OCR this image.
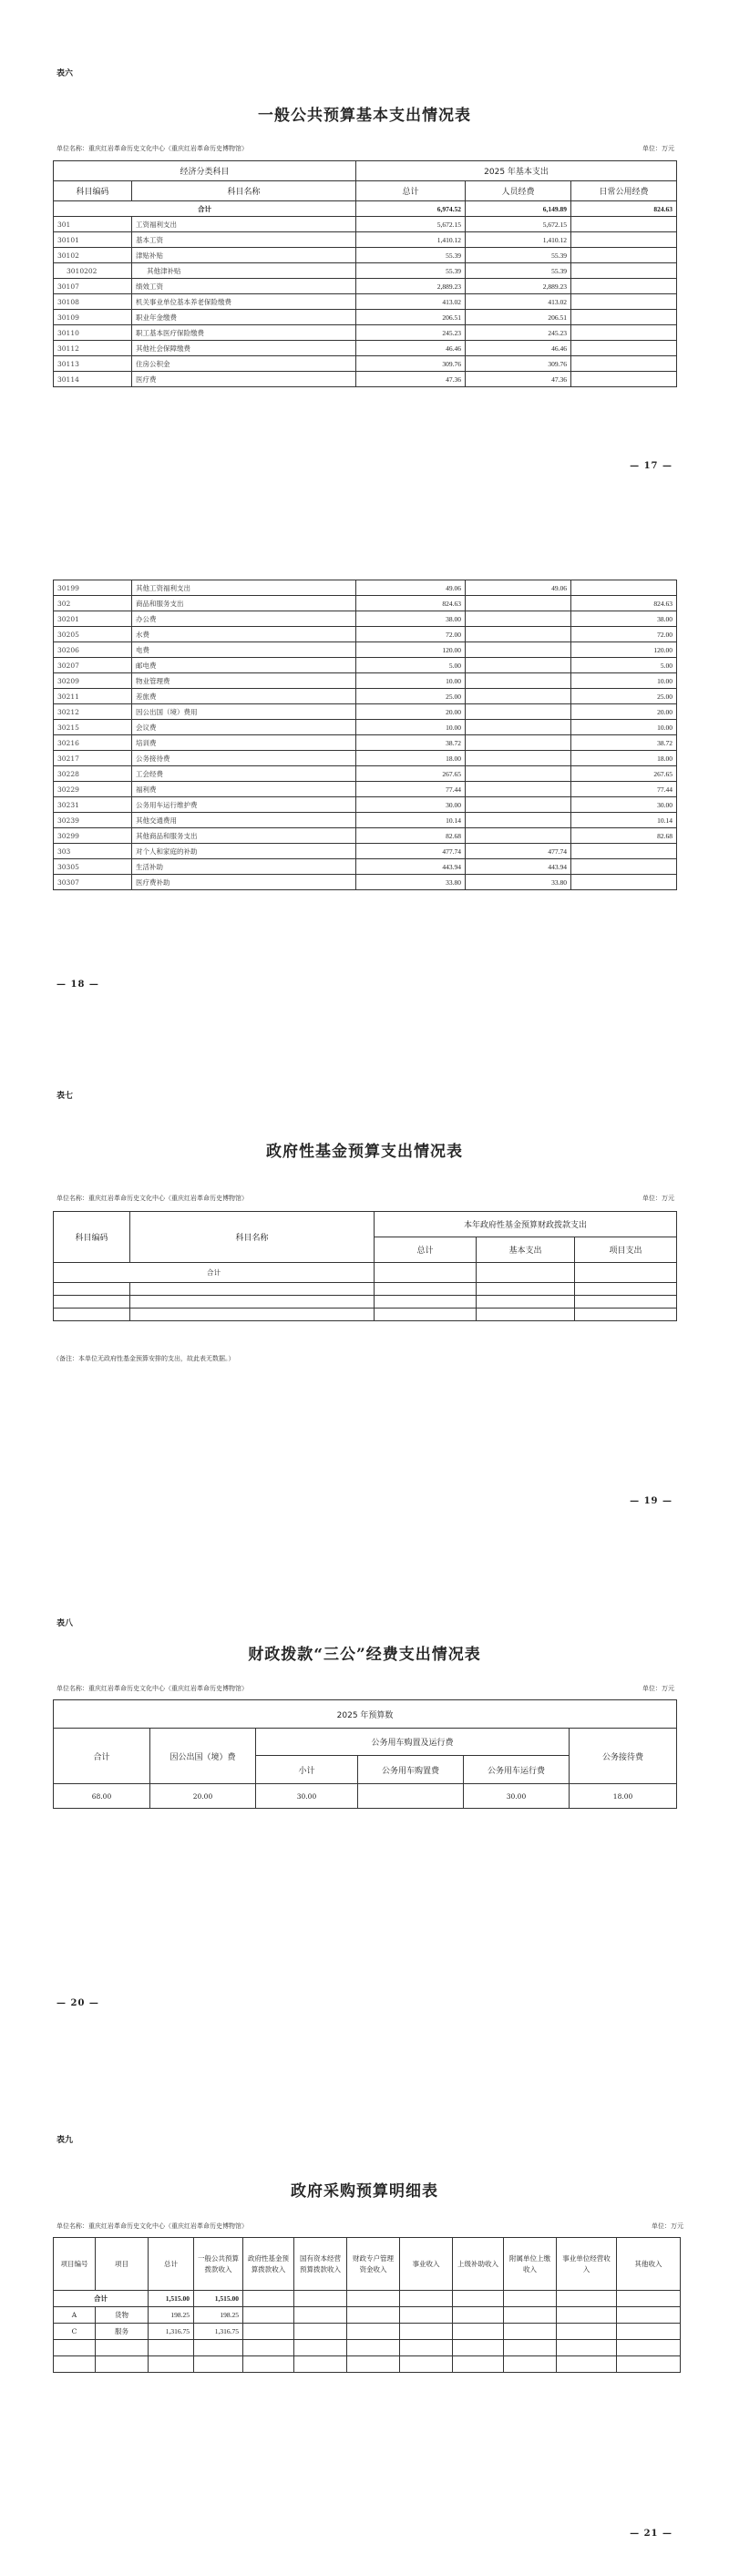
表六
一般公共预算基本支出情况表
单位名称：重庆红岩革命历史文化中心（重庆红岩革命历史博物馆）	单位：万元
经济分类科目		2025 年基本支出		
科目编码	科目名称	总计	人员经费	日常公用经费
合计		6,974.52	6,149.89	824.63
301	工资福利支出	5,672.15	5,672.15	
30101	基本工资	1,410.12	1,410.12	
30102	津贴补贴	55.39	55.39	
3010202	其他津补贴	55.39	55.39	
30107	绩效工资	2,889.23	2,889.23	
30108	机关事业单位基本养老保险缴费	413.02	413.02	
30109	职业年金缴费	206.51	206.51	
30110	职工基本医疗保险缴费	245.23	245.23	
30112	其他社会保障缴费	46.46	46.46	
30113	住房公积金	309.76	309.76	
30114	医疗费	47.36	47.36	
— 17 —
30199	其他工资福利支出	49.06	49.06	
302	商品和服务支出	824.63		824.63
30201	办公费	38.00		38.00
30205	水费	72.00		72.00
30206	电费	120.00		120.00
30207	邮电费	5.00		5.00
30209	物业管理费	10.00		10.00
30211	差旅费	25.00		25.00
30212	因公出国（境）费用	20.00		20.00
30215	会议费	10.00		10.00
30216	培训费	38.72		38.72
30217	公务接待费	18.00		18.00
30228	工会经费	267.65		267.65
30229	福利费	77.44		77.44
30231	公务用车运行维护费	30.00		30.00
30239	其他交通费用	10.14		10.14
30299	其他商品和服务支出	82.68		82.68
303	对个人和家庭的补助	477.74	477.74	
30305	生活补助	443.94	443.94	
30307	医疗费补助	33.80	33.80	
— 18 —
表七
政府性基金预算支出情况表
单位名称：重庆红岩革命历史文化中心（重庆红岩革命历史博物馆）	单位：万元
科目编码	科目名称	本年政府性基金预算财政拨款支出		
		总计	基本支出	项目支出
合计				

（备注：本单位无政府性基金预算安排的支出，故此表无数据。）
— 19 —
表八
财政拨款“三公”经费支出情况表
单位名称：重庆红岩革命历史文化中心（重庆红岩革命历史博物馆）	单位：万元
2025 年预算数					
合计	因公出国（境）费	公务用车购置及运行费			公务接待费
		小计	公务用车购置费	公务用车运行费	
68.00	20.00	30.00		30.00	18.00
— 20 —
表九
政府采购预算明细表
单位名称：重庆红岩革命历史文化中心（重庆红岩革命历史博物馆）	单位：万元
项目编号	项目	总计	一般公共预算拨款收入	政府性基金预算拨款收入	国有资本经营预算拨款收入	财政专户管理资金收入	事业收入	上级补助收入	附属单位上缴收入	事业单位经营收入	其他收入
合计		1,515.00	1,515.00								
A	货物	198.25	198.25								
C	服务	1,316.75	1,316.75								

— 21 —
